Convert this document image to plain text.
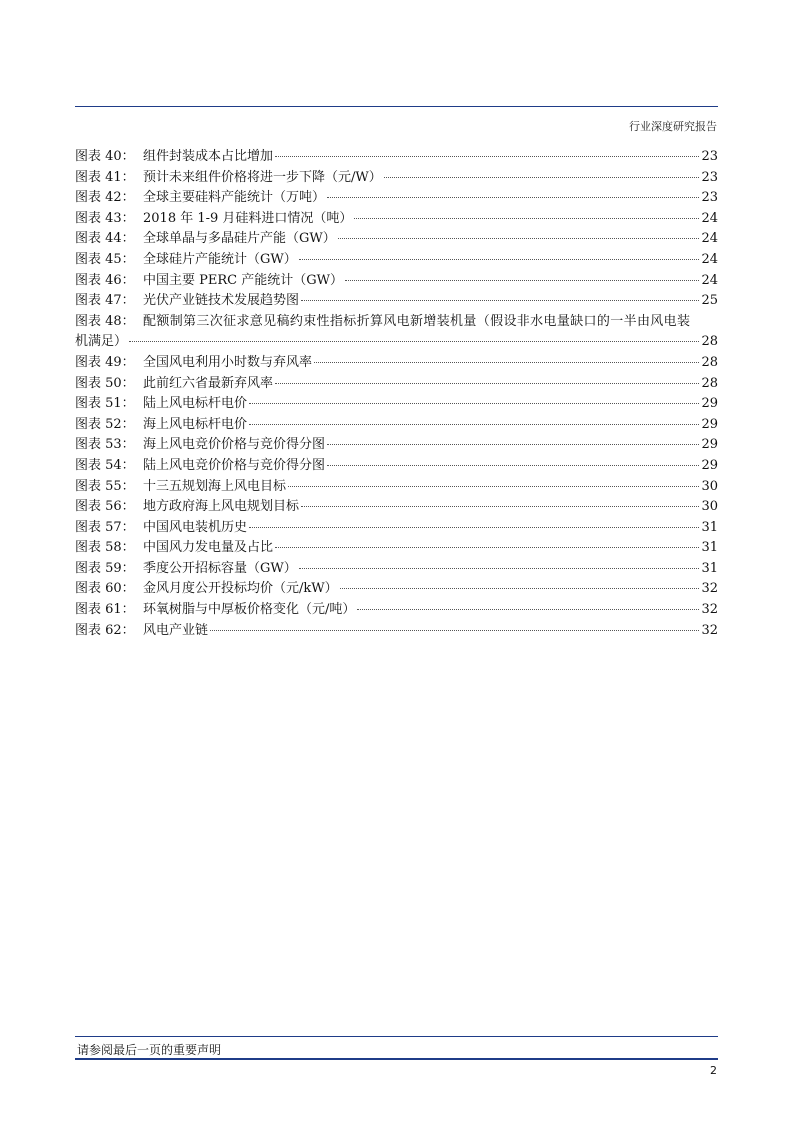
行业深度研究报告
图表 40： 组件封装成本占比增加	23
图表 41： 预计未来组件价格将进一步下降（元/W）	23
图表 42： 全球主要硅料产能统计（万吨）	23
图表 43： 2018 年 1-9 月硅料进口情况（吨）	24
图表 44： 全球单晶与多晶硅片产能（GW）	24
图表 45： 全球硅片产能统计（GW）	24
图表 46： 中国主要 PERC 产能统计（GW）	24
图表 47： 光伏产业链技术发展趋势图	25
图表 48： 配额制第三次征求意见稿约束性指标折算风电新增装机量（假设非水电量缺口的一半由风电装
机满足）	28
图表 49： 全国风电利用小时数与弃风率	28
图表 50： 此前红六省最新弃风率	28
图表 51： 陆上风电标杆电价	29
图表 52： 海上风电标杆电价	29
图表 53： 海上风电竞价价格与竞价得分图	29
图表 54： 陆上风电竞价价格与竞价得分图	29
图表 55： 十三五规划海上风电目标	30
图表 56： 地方政府海上风电规划目标	30
图表 57： 中国风电装机历史	31
图表 58： 中国风力发电量及占比	31
图表 59： 季度公开招标容量（GW）	31
图表 60： 金风月度公开投标均价（元/kW）	32
图表 61： 环氧树脂与中厚板价格变化（元/吨）	32
图表 62： 风电产业链	32
请参阅最后一页的重要声明
2
